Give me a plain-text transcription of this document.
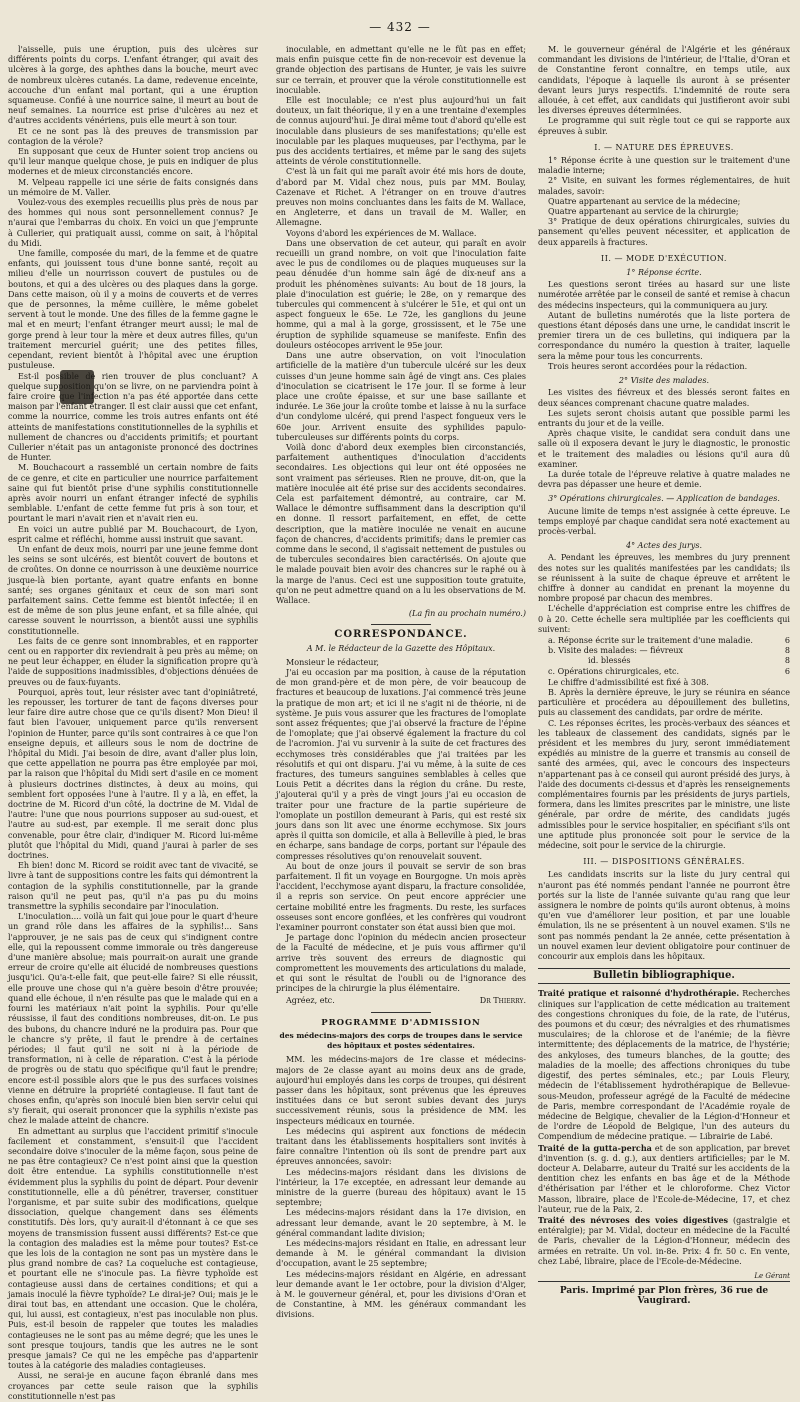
— 432 —

l'aisselle, puis une éruption, puis des ulcères sur différents points du corps. L'enfant étranger, qui avait des ulcères à la gorge, des aphthes dans la bouche, meurt avec de nombreux ulcères cutanés. La dame, redevenue enceinte, accouche d'un enfant mal portant, qui a une éruption squameuse. Confié à une nourrice saine, il meurt au bout de neuf semaines. La nourrice est prise d'ulcères au nez et d'autres accidents vénériens, puis elle meurt à son tour.

Et ce ne sont pas là des preuves de transmission par contagion de la vérole?

En supposant que ceux de Hunter soient trop anciens ou qu'il leur manque quelque chose, je puis en indiquer de plus modernes et de mieux circonstanciés encore.

M. Velpeau rappelle ici une série de faits consignés dans un mémoire de M. Valler.

Voulez-vous des exemples recueillis plus près de nous par des hommes qui nous sont personnellement connus? Je n'aurai que l'embarras du choix. En voici un que j'emprunte à Cullerier, qui pratiquait aussi, comme on sait, à l'hôpital du Midi.

Une famille, composée du mari, de la femme et de quatre enfants, qui jouissent tous d'une bonne santé, reçoit au milieu d'elle un nourrisson couvert de pustules ou de boutons, et qui a des ulcères ou des plaques dans la gorge. Dans cette maison, où il y a moins de couverts et de verres que de personnes, la même cuillère, le même gobelet servent à tout le monde. Une des filles de la femme gagne le mal et en meurt; l'enfant étranger meurt aussi; le mal de gorge prend à leur tour la mère et deux autres filles, qu'un traitement mercuriel guérit; une des petites filles, cependant, revient bientôt à l'hôpital avec une éruption pustuleuse.

Est-il possible de rien trouver de plus concluant? A quelque supposition qu'on se livre, on ne parviendra point à faire croire que l'infection n'a pas été apportée dans cette maison par l'enfant étranger. Il est clair aussi que cet enfant, comme la nourrice, comme les trois autres enfants ont été atteints de manifestations constitutionnelles de la syphilis et nullement de chancres ou d'accidents primitifs; et pourtant Cullerier n'était pas un antagoniste prononcé des doctrines de Hunter.

M. Bouchacourt a rassemblé un certain nombre de faits de ce genre, et cite en particulier une nourrice parfaitement saine qui fut bientôt prise d'une syphilis constitutionnelle après avoir nourri un enfant étranger infecté de syphilis semblable. L'enfant de cette femme fut pris à son tour, et pourtant le mari n'avait rien et n'avait rien eu.

En voici un autre publié par M. Bouchacourt, de Lyon, esprit calme et réfléchi, homme aussi instruit que savant.

Un enfant de deux mois, nourri par une jeune femme dont les seins se sont ulcérés, est bientôt couvert de boutons et de croûtes. On donne ce nourrisson à une deuxième nourrice jusque-là bien portante, ayant quatre enfants en bonne santé; ses organes génitaux et ceux de son mari sont parfaitement sains. Cette femme est bientôt infectée; il en est de même de son plus jeune enfant, et sa fille aînée, qui caresse souvent le nourrisson, a bientôt aussi une syphilis constitutionnelle.

Les faits de ce genre sont innombrables, et en rapporter cent ou en rapporter dix reviendrait à peu près au même; on ne peut leur échapper, en éluder la signification propre qu'à l'aide de suppositions inadmissibles, d'objections dénuées de preuves ou de faux-fuyants.

Pourquoi, après tout, leur résister avec tant d'opiniâtreté, les repousser, les torturer de tant de façons diverses pour leur faire dire autre chose que ce qu'ils disent? Mon Dieu! il faut bien l'avouer, uniquement parce qu'ils renversent l'opinion de Hunter, parce qu'ils sont contraires à ce que l'on enseigne depuis, et ailleurs sous le nom de doctrine de l'hôpital du Midi. J'ai besoin de dire, avant d'aller plus loin, que cette appellation ne pourra pas être employée par moi, par la raison que l'hôpital du Midi sert d'asile en ce moment à plusieurs doctrines distinctes, à deux au moins, qui semblent fort opposées l'une à l'autre. Il y a là, en effet, la doctrine de M. Ricord d'un côté, la doctrine de M. Vidal de l'autre: l'une que nous pourrions supposer au sud-ouest, et l'autre au sud-est, par exemple. Il me serait donc plus convenable, pour être clair, d'indiquer M. Ricord lui-même plutôt que l'hôpital du Midi, quand j'aurai à parler de ses doctrines.

Eh bien! donc M. Ricord se roidit avec tant de vivacité, se livre à tant de suppositions contre les faits qui démontrent la contagion de la syphilis constitutionnelle, par la grande raison qu'il ne peut pas, qu'il n'a pas pu du moins transmettre la syphilis secondaire par l'inoculation.

L'inoculation.... voilà un fait qui joue pour le quart d'heure un grand rôle dans les affaires de la syphilis!... Sans l'approuver, je ne sais pas de ceux qui s'indignent contre elle, qui la repoussent comme immorale ou très dangereuse d'une manière absolue; mais pourrait-on aurait une grande erreur de croire qu'elle ait élucidé de nombreuses questions jusqu'ici. Qu'a-t-elle fait, que peut-elle faire? Si elle réussit, elle prouve une chose qui n'a guère besoin d'être prouvée; quand elle échoue, il n'en résulte pas que le malade qui en a fourni les matériaux n'ait point la syphilis. Pour qu'elle réussisse, il faut des conditions nombreuses, dit-on. Le pus des bubons, du chancre induré ne la produira pas. Pour que le chancre s'y prête, il faut le prendre à de certaines périodes; il faut qu'il ne soit ni à la période de transformation, ni à celle de réparation. C'est à la période de progrès ou de statu quo spécifique qu'il faut le prendre; encore est-il possible alors que le pus des surfaces voisines vienne en détruire la propriété contagieuse. Il faut tant de choses enfin, qu'après son inoculé bien bien servir celui qui s'y fierait, qui oserait prononcer que la syphilis n'existe pas chez le malade atteint de chancre.

En admettant au surplus que l'accident primitif s'inocule facilement et constamment, s'ensuit-il que l'accident secondaire doive s'inoculer de la même façon, sous peine de ne pas être contagieux? Ce n'est point ainsi que la question doit être entendue. La syphilis constitutionnelle n'est évidemment plus la syphilis du point de départ. Pour devenir constitutionnelle, elle a dû pénétrer, traverser, constituer l'organisme, et par suite subir des modifications, quelque dissociation, quelque changement dans ses éléments constitutifs. Dès lors, qu'y aurait-il d'étonnant à ce que ses moyens de transmission fussent aussi différents? Est-ce que la contagion des maladies est la même pour toutes? Est-ce que les lois de la contagion ne sont pas un mystère dans le plus grand nombre de cas? La coqueluche est contagieuse, et pourtant elle ne s'inocule pas. La fièvre typhoïde est contagieuse aussi dans de certaines conditions; et qui a jamais inoculé la fièvre typhoïde? Le dirai-je? Oui; mais je le dirai tout bas, en attendant une occasion. Que le choléra, qui, lui aussi, est contagieux, n'est pas inoculable non plus. Puis, est-il besoin de rappeler que toutes les maladies contagieuses ne le sont pas au même degré; que les unes le sont presque toujours, tandis que les autres ne le sont presque jamais? Ce qui ne les empêche pas d'appartenir toutes à la catégorie des maladies contagieuses.

Aussi, ne serai-je en aucune façon ébranlé dans mes croyances par cette seule raison que la syphilis constitutionnelle n'est pas

inoculable, en admettant qu'elle ne le fût pas en effet; mais enfin puisque cette fin de non-recevoir est devenue la grande objection des partisans de Hunter, je vais les suivre sur ce terrain, et prouver que la vérole constitutionnelle est inoculable.

Elle est inoculable; ce n'est plus aujourd'hui un fait douteux, un fait théorique, il y en a une trentaine d'exemples de connus aujourd'hui. Je dirai même tout d'abord qu'elle est inoculable dans plusieurs de ses manifestations; qu'elle est inoculable par les plaques muqueuses, par l'ecthyma, par le pus des accidents tertiaires, et même par le sang des sujets atteints de vérole constitutionnelle.

C'est là un fait qui me paraît avoir été mis hors de doute, d'abord par M. Vidal chez nous, puis par MM. Boulay, Cazenave et Richet. A l'étranger on en trouve d'autres preuves non moins concluantes dans les faits de M. Wallace, en Angleterre, et dans un travail de M. Waller, en Allemagne.

Voyons d'abord les expériences de M. Wallace.

Dans une observation de cet auteur, qui paraît en avoir recueilli un grand nombre, on voit que l'inoculation faite avec le pus de condilomes ou de plaques muqueuses sur la peau dénudée d'un homme sain âgé de dix-neuf ans a produit les phénomènes suivants: Au bout de 18 jours, la plaie d'inoculation est guérie; le 28e, on y remarque des tubercules qui commencent à s'ulcérer le 51e, et qui ont un aspect fongueux le 65e. Le 72e, les ganglions du jeune homme, qui a mal à la gorge, grossissent, et le 75e une éruption de syphilide squameuse se manifeste. Enfin des douleurs ostéocopes arrivent le 95e jour.

Dans une autre observation, on voit l'inoculation artificielle de la matière d'un tubercule ulcéré sur les deux cuisses d'un jeune homme sain âgé de vingt ans. Ces plaies d'inoculation se cicatrisent le 17e jour. Il se forme à leur place une croûte épaisse, et sur une base saillante et indurée. Le 36e jour la croûte tombe et laisse à nu la surface d'un condylome ulcéré, qui prend l'aspect fongueux vers le 60e jour. Arrivent ensuite des syphilides papulo-tuberculeuses sur différents points du corps.

Voilà donc d'abord deux exemples bien circonstanciés, parfaitement authentiques d'inoculation d'accidents secondaires. Les objections qui leur ont été opposées ne sont vraiment pas sérieuses. Rien ne prouve, dit-on, que la matière inoculée ait été prise sur des accidents secondaires. Cela est parfaitement démontré, au contraire, car M. Wallace le démontre suffisamment dans la description qu'il en donne. Il ressort parfaitement, en effet, de cette description, que la matière inoculée ne venait en aucune façon de chancres, d'accidents primitifs; dans le premier cas comme dans le second, il s'agissait nettement de pustules ou de tubercules secondaires bien caractérisés. On ajoute que le malade pouvait bien avoir des chancres sur le raphé ou à la marge de l'anus. Ceci est une supposition toute gratuite, qu'on ne peut admettre quand on a lu les observations de M. Wallace.

(La fin au prochain numéro.)
CORRESPONDANCE.
A M. le Rédacteur de la Gazette des Hôpitaux.

Monsieur le rédacteur,

J'ai eu occasion par ma position, à cause de la réputation de mon grand-père et de mon père, de voir beaucoup de fractures et beaucoup de luxations. J'ai commencé très jeune la pratique de mon art; et ici il ne s'agit ni de théorie, ni de système. Je puis vous assurer que les fractures de l'omoplate sont assez fréquentes; que j'ai observé la fracture de l'épine de l'omoplate; que j'ai observé également la fracture du col de l'acromion. J'ai vu survenir à la suite de cet fractures des ecchymoses très considérables que j'ai traitées par les résolutifs et qui ont disparu. J'ai vu même, à la suite de ces fractures, des tumeurs sanguines semblables à celles que Louis Petit a décrites dans la région du crâne. Du reste, j'ajouterai qu'il y a près de vingt jours j'ai eu occasion de traiter pour une fracture de la partie supérieure de l'omoplate un postillon demeurant à Paris, qui est resté six jours dans son lit avec une énorme ecchymose. Six jours après il quitta son domicile, et alla à Belleville à pied, le bras en écharpe, sans bandage de corps, portant sur l'épaule des compresses résolutives qu'on renouvelait souvent.

Au bout de onze jours il pouvait se servir de son bras parfaitement. Il fit un voyage en Bourgogne. Un mois après l'accident, l'ecchymose ayant disparu, la fracture consolidée, il a repris son service. On peut encore apprécier une certaine mobilité entre les fragments. Du reste, les surfaces osseuses sont encore gonflées, et les confrères qui voudront l'examiner pourront constater son état aussi bien que moi.

Je partage donc l'opinion du médecin ancien prosecteur de la Faculté de médecine, et je puis vous affirmer qu'il arrive très souvent des erreurs de diagnostic qui compromettent les mouvements des articulations du malade, et qui sont le résultat de l'oubli ou de l'ignorance des principes de la chirurgie la plus élémentaire.

Agréez, etc.	Dr Thierry.
PROGRAMME D'ADMISSION
des médecins-majors des corps de troupes dans le service des hôpitaux et postes sédentaires.

MM. les médecins-majors de 1re classe et médecins-majors de 2e classe ayant au moins deux ans de grade, aujourd'hui employés dans les corps de troupes, qui désirent passer dans les hôpitaux, sont prévenus que les épreuves instituées dans ce but seront subies devant des jurys successivement réunis, sous la présidence de MM. les inspecteurs médicaux en tournée.

Les médecins qui aspirent aux fonctions de médecin traitant dans les établissements hospitaliers sont invités à faire connaître l'intention où ils sont de prendre part aux épreuves annoncées, savoir:

Les médecins-majors résidant dans les divisions de l'intérieur, la 17e exceptée, en adressant leur demande au ministre de la guerre (bureau des hôpitaux) avant le 15 septembre;

Les médecins-majors résidant dans la 17e division, en adressant leur demande, avant le 20 septembre, à M. le général commandant ladite division;

Les médecins-majors résidant en Italie, en adressant leur demande à M. le général commandant la division d'occupation, avant le 25 septembre;

Les médecins-majors résidant en Algérie, en adressant leur demande avant le 1er octobre, pour la division d'Alger, à M. le gouverneur général, et, pour les divisions d'Oran et de Constantine, à MM. les généraux commandant les divisions.

M. le gouverneur général de l'Algérie et les généraux commandant les divisions de l'intérieur, de l'Italie, d'Oran et de Constantine feront connaître, en temps utile, aux candidats, l'époque à laquelle ils auront à se présenter devant leurs jurys respectifs. L'indemnité de route sera allouée, à cet effet, aux candidats qui justifieront avoir subi les diverses épreuves déterminées.

Le programme qui suit règle tout ce qui se rapporte aux épreuves à subir.

I. — NATURE DES ÉPREUVES.

1° Réponse écrite à une question sur le traitement d'une maladie interne;

2° Visite, en suivant les formes réglementaires, de huit malades, savoir:

Quatre appartenant au service de la médecine;

Quatre appartenant au service de la chirurgie;

3° Pratique de deux opérations chirurgicales, suivies du pansement qu'elles peuvent nécessiter, et application de deux appareils à fractures.

II. — MODE D'EXÉCUTION.
1° Réponse écrite.

Les questions seront tirées au hasard sur une liste numérotée arrêtée par le conseil de santé et remise à chacun des médecins inspecteurs, qui la communiquera au jury.

Autant de bulletins numérotés que la liste portera de questions étant déposés dans une urne, le candidat inscrit le premier tirera un de ces bulletins, qui indiquera par la correspondance du numéro la question à traiter, laquelle sera la même pour tous les concurrents.

Trois heures seront accordées pour la rédaction.

2° Visite des malades.

Les visites des fiévreux et des blessés seront faites en deux séances comprenant chacune quatre malades.

Les sujets seront choisis autant que possible parmi les entrants du jour et de la veille.

Après chaque visite, le candidat sera conduit dans une salle où il exposera devant le jury le diagnostic, le pronostic et le traitement des maladies ou lésions qu'il aura dû examiner.

La durée totale de l'épreuve relative à quatre malades ne devra pas dépasser une heure et demie.

3° Opérations chirurgicales. — Application de bandages.

Aucune limite de temps n'est assignée à cette épreuve. Le temps employé par chaque candidat sera noté exactement au procès-verbal.

4° Actes des jurys.

A. Pendant les épreuves, les membres du jury prennent des notes sur les qualités manifestées par les candidats; ils se réunissent à la suite de chaque épreuve et arrêtent le chiffre à donner au candidat en prenant la moyenne du nombre proposé par chacun des membres.

L'échelle d'appréciation est comprise entre les chiffres de 0 à 20. Cette échelle sera multipliée par les coefficients qui suivent:

a. Réponse écrite sur le traitement d'une maladie.	6
b. Visite des malades: — fiévreux	8
id. blessés	8
c. Opérations chirurgicales, etc.	6

Le chiffre d'admissibilité est fixé à 308.

B. Après la dernière épreuve, le jury se réunira en séance particulière et procédera au dépouillement des bulletins, puis au classement des candidats, par ordre de mérite.

C. Les réponses écrites, les procès-verbaux des séances et les tableaux de classement des candidats, signés par le président et les membres du jury, seront immédiatement expédiés au ministre de la guerre et transmis au conseil de santé des armées, qui, avec le concours des inspecteurs n'appartenant pas à ce conseil qui auront présidé des jurys, à l'aide des documents ci-dessus et d'après les renseignements complémentaires fournis par les présidents de jurys partiels, formera, dans les limites prescrites par le ministre, une liste générale, par ordre de mérite, des candidats jugés admissibles pour le service hospitalier, en spécifiant s'ils ont une aptitude plus prononcée soit pour le service de la médecine, soit pour le service de la chirurgie.

III. — DISPOSITIONS GÉNÉRALES.

Les candidats inscrits sur la liste du jury central qui n'auront pas été nommés pendant l'année ne pourront être portés sur la liste de l'année suivante qu'au rang que leur assignera le nombre de points qu'ils auront obtenus, à moins qu'en vue d'améliorer leur position, et par une louable émulation, ils ne se présentent à un nouvel examen. S'ils ne sont pas nommés pendant la 2e année, cette présentation à un nouvel examen leur devient obligatoire pour continuer de concourir aux emplois dans les hôpitaux.

Bulletin bibliographique.

Traité pratique et raisonné d'hydrothérapie. Recherches cliniques sur l'application de cette médication au traitement des congestions chroniques du foie, de la rate, de l'utérus, des poumons et du cœur; des névralgies et des rhumatismes musculaires; de la chlorose et de l'anémie; de la fièvre intermittente; des déplacements de la matrice, de l'hystérie; des ankyloses, des tumeurs blanches, de la goutte; des maladies de la moelle; des affections chroniques du tube digestif, des pertes séminales, etc.; par Louis Fleury, médecin de l'établissement hydrothérapique de Bellevue-sous-Meudon, professeur agrégé de la Faculté de médecine de Paris, membre correspondant de l'Académie royale de médecine de Belgique, chevalier de la Légion-d'Honneur et de l'ordre de Léopold de Belgique, l'un des auteurs du Compendium de médecine pratique. — Librairie de Labé.

Traité de la gutta-percha et de son application, par brevet d'invention (s. g. d. g.), aux dentiers artificielles; par le M. docteur A. Delabarre, auteur du Traité sur les accidents de la dentition chez les enfants en bas âge et de la Méthode d'éthérisation par l'éther et le chloroforme. Chez Victor Masson, libraire, place de l'Ecole-de-Médecine, 17, et chez l'auteur, rue de la Paix, 2.

Traité des névroses des voies digestives (gastralgie et entéralgie); par M. Vidal, docteur en médecine de la Faculté de Paris, chevalier de la Légion-d'Honneur, médecin des armées en retraite. Un vol. in-8e. Prix: 4 fr. 50 c. En vente, chez Labé, libraire, place de l'Ecole-de-Médecine.

Le Gérant
Paris. Imprimé par Plon frères, 36 rue de Vaugirard.
